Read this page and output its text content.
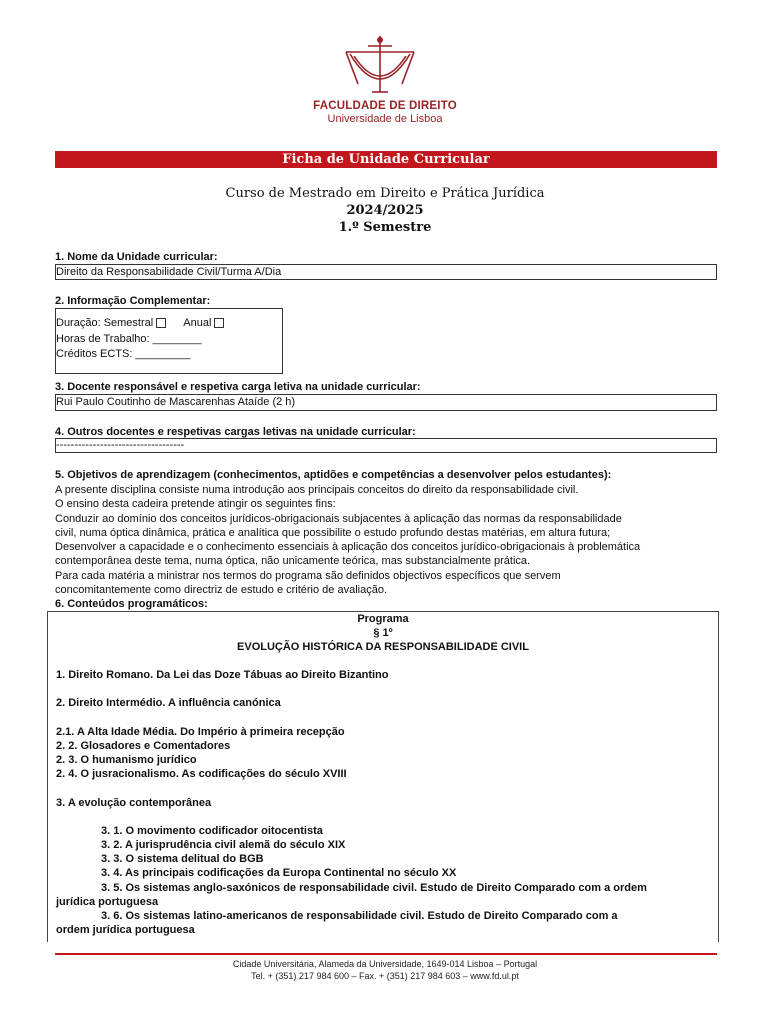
FACULDADE DE DIREITO
Universidade de Lisboa
Ficha de Unidade Curricular
Curso de Mestrado em Direito e Prática Jurídica
2024/2025
1.º Semestre
1. Nome da Unidade curricular:
Direito da Responsabilidade Civil/Turma A/Dia
2. Informação Complementar:
Duração: Semestral	Anual
Horas de Trabalho: ________
Créditos ECTS: _________
3. Docente responsável e respetiva carga letiva na unidade curricular:
Rui Paulo Coutinho de Mascarenhas Ataíde (2 h)
4. Outros docentes e respetivas cargas letivas na unidade curricular:
-----------------------------------
5. Objetivos de aprendizagem (conhecimentos, aptidões e competências a desenvolver pelos estudantes):

A presente disciplina consiste numa introdução aos principais conceitos do direito da responsabilidade civil.

O ensino desta cadeira pretende atingir os seguintes fins:

Conduzir ao domínio dos conceitos jurídicos-obrigacionais subjacentes à aplicação das normas da responsabilidade

civil, numa óptica dinâmica, prática e analítica que possibilite o estudo profundo destas matérias, em altura futura;

Desenvolver a capacidade e o conhecimento essenciais à aplicação dos conceitos jurídico-obrigacionais à problemática

contemporânea deste tema, numa óptica, não unicamente teórica, mas substancialmente prática.

Para cada matéria a ministrar nos termos do programa são definidos objectivos específicos que servem

concomitantemente como directriz de estudo e critério de avaliação.

6. Conteúdos programáticos:
Programa
§ 1º
EVOLUÇÃO HISTÓRICA DA RESPONSABILIDADE CIVIL
1. Direito Romano. Da Lei das Doze Tábuas ao Direito Bizantino
2. Direito Intermédio. A influência canónica
2.1. A Alta Idade Média. Do Império à primeira recepção
2. 2. Glosadores e Comentadores
2. 3. O humanismo jurídico
2. 4. O jusracionalismo. As codificações do século XVIII
3. A evolução contemporânea
3. 1. O movimento codificador oitocentista
3. 2. A jurisprudência civil alemã do século XIX
3. 3. O sistema delitual do BGB
3. 4. As principais codificações da Europa Continental no século XX
3. 5. Os sistemas anglo-saxónicos de responsabilidade civil. Estudo de Direito Comparado com a ordem
jurídica portuguesa
3. 6. Os sistemas latino-americanos de responsabilidade civil. Estudo de Direito Comparado com a
ordem jurídica portuguesa
Cidade Universitária, Alameda da Universidade, 1649-014 Lisboa – Portugal
Tel. + (351) 217 984 600 – Fax. + (351) 217 984 603 – www.fd.ul.pt
